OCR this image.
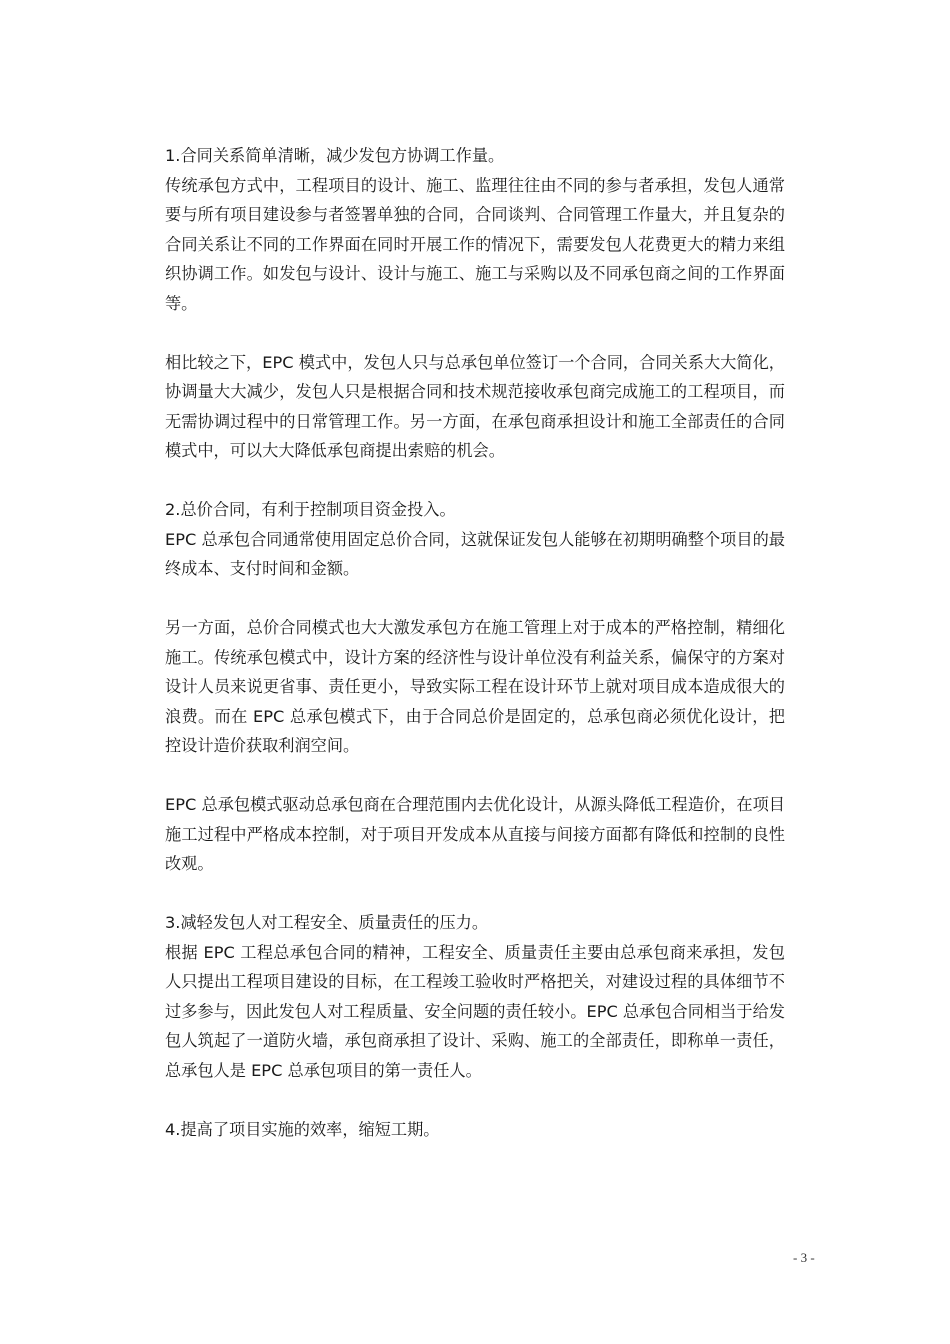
1.合同关系简单清晰，减少发包方协调工作量。

传统承包方式中，工程项目的设计、施工、监理往往由不同的参与者承担，发包人通常要与所有项目建设参与者签署单独的合同，合同谈判、合同管理工作量大，并且复杂的合同关系让不同的工作界面在同时开展工作的情况下，需要发包人花费更大的精力来组织协调工作。如发包与设计、设计与施工、施工与采购以及不同承包商之间的工作界面等。

相比较之下，EPC 模式中，发包人只与总承包单位签订一个合同，合同关系大大简化，协调量大大减少，发包人只是根据合同和技术规范接收承包商完成施工的工程项目，而无需协调过程中的日常管理工作。另一方面，在承包商承担设计和施工全部责任的合同模式中，可以大大降低承包商提出索赔的机会。

2.总价合同，有利于控制项目资金投入。

EPC 总承包合同通常使用固定总价合同，这就保证发包人能够在初期明确整个项目的最终成本、支付时间和金额。

另一方面，总价合同模式也大大激发承包方在施工管理上对于成本的严格控制，精细化施工。传统承包模式中，设计方案的经济性与设计单位没有利益关系，偏保守的方案对设计人员来说更省事、责任更小，导致实际工程在设计环节上就对项目成本造成很大的浪费。而在 EPC 总承包模式下，由于合同总价是固定的，总承包商必须优化设计，把控设计造价获取利润空间。

EPC 总承包模式驱动总承包商在合理范围内去优化设计，从源头降低工程造价，在项目施工过程中严格成本控制，对于项目开发成本从直接与间接方面都有降低和控制的良性改观。

3.减轻发包人对工程安全、质量责任的压力。

根据 EPC 工程总承包合同的精神，工程安全、质量责任主要由总承包商来承担，发包人只提出工程项目建设的目标，在工程竣工验收时严格把关，对建设过程的具体细节不过多参与，因此发包人对工程质量、安全问题的责任较小。EPC 总承包合同相当于给发包人筑起了一道防火墙，承包商承担了设计、采购、施工的全部责任，即称单一责任，总承包人是 EPC 总承包项目的第一责任人。

4.提高了项目实施的效率，缩短工期。

- 3 -
